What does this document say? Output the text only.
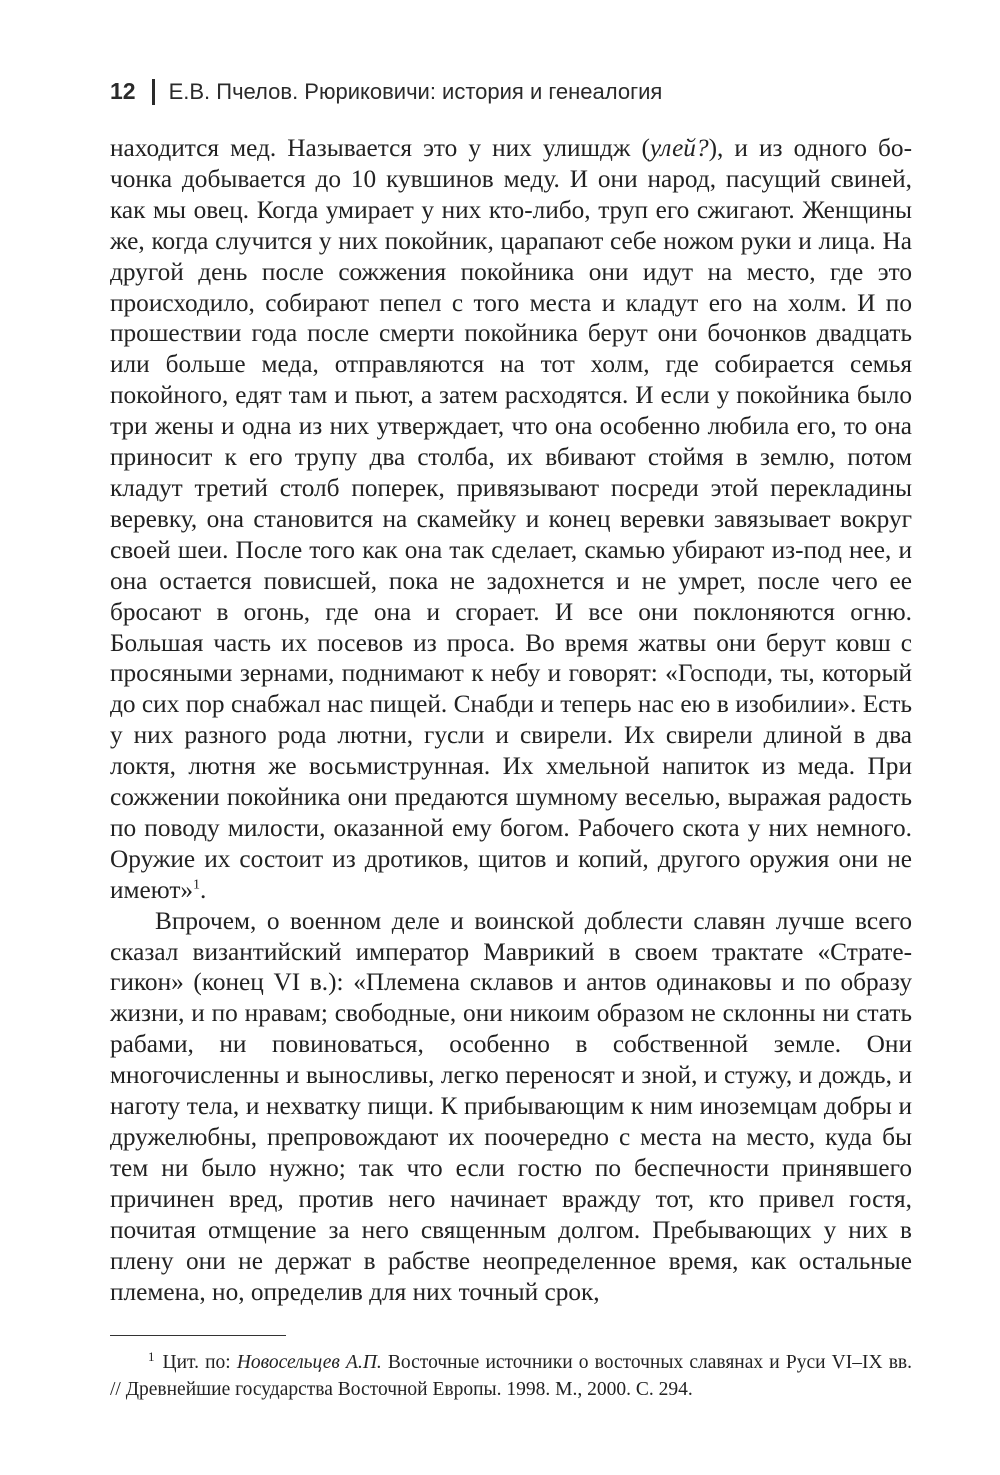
12 Е.В. Пчелов. Рюриковичи: история и генеалогия

находится мед. Называется это у них улишдж (улей?), и из одного бочонка добывается до 10 кувшинов меду. И они народ, пасущий свиней, как мы овец. Когда умирает у них кто-либо, труп его сжигают. Женщины же, когда случится у них покойник, царапают себе ножом руки и лица. На другой день после сожжения покойника они идут на место, где это происходило, собирают пепел с того места и кладут его на холм. И по прошествии года после смерти покойника берут они бочонков двадцать или больше меда, отправляются на тот холм, где собирается семья покойного, едят там и пьют, а затем расходятся. И если у покойника было три жены и одна из них утверждает, что она особенно любила его, то она приносит к его трупу два столба, их вбивают стоймя в землю, потом кладут третий столб поперек, привязывают посреди этой перекладины веревку, она становится на скамейку и конец веревки завязывает вокруг своей шеи. После того как она так сделает, скамью убирают из-под нее, и она остается повисшей, пока не задохнется и не умрет, после чего ее бросают в огонь, где она и сгорает. И все они поклоняются огню. Большая часть их посевов из проса. Во время жатвы они берут ковш с просяными зернами, поднимают к небу и говорят: «Господи, ты, который до сих пор снабжал нас пищей. Снабди и теперь нас ею в изобилии». Есть у них разного рода лютни, гусли и свирели. Их свирели длиной в два локтя, лютня же восьмиструнная. Их хмельной напиток из меда. При сожжении покойника они предаются шумному веселью, выражая радость по поводу милости, оказанной ему богом. Рабочего скота у них немного. Оружие их состоит из дротиков, щитов и копий, другого оружия они не имеют»$^1$.

Впрочем, о военном деле и воинской доблести славян лучше всего сказал византийский император Маврикий в своем трактате «Стратегикон» (конец VI в.): «Племена склавов и антов одинаковы и по образу жизни, и по нравам; свободные, они никоим образом не склонны ни стать рабами, ни повиноваться, особенно в собственной земле. Они многочисленны и выносливы, легко переносят и зной, и стужу, и дождь, и наготу тела, и нехватку пищи. К прибывающим к ним иноземцам добры и дружелюбны, препровождают их поочередно с места на место, куда бы тем ни было нужно; так что если гостю по беспечности принявшего причинен вред, против него начинает вражду тот, кто привел гостя, почитая отмщение за него священным долгом. Пребывающих у них в плену они не держат в рабстве неопределенное время, как остальные племена, но, определив для них точный срок,

$^1$ Цит. по: Новосельцев А.П. Восточные источники о восточных славянах и Руси VI–IX вв. // Древнейшие государства Восточной Европы. 1998. М., 2000. С. 294.
